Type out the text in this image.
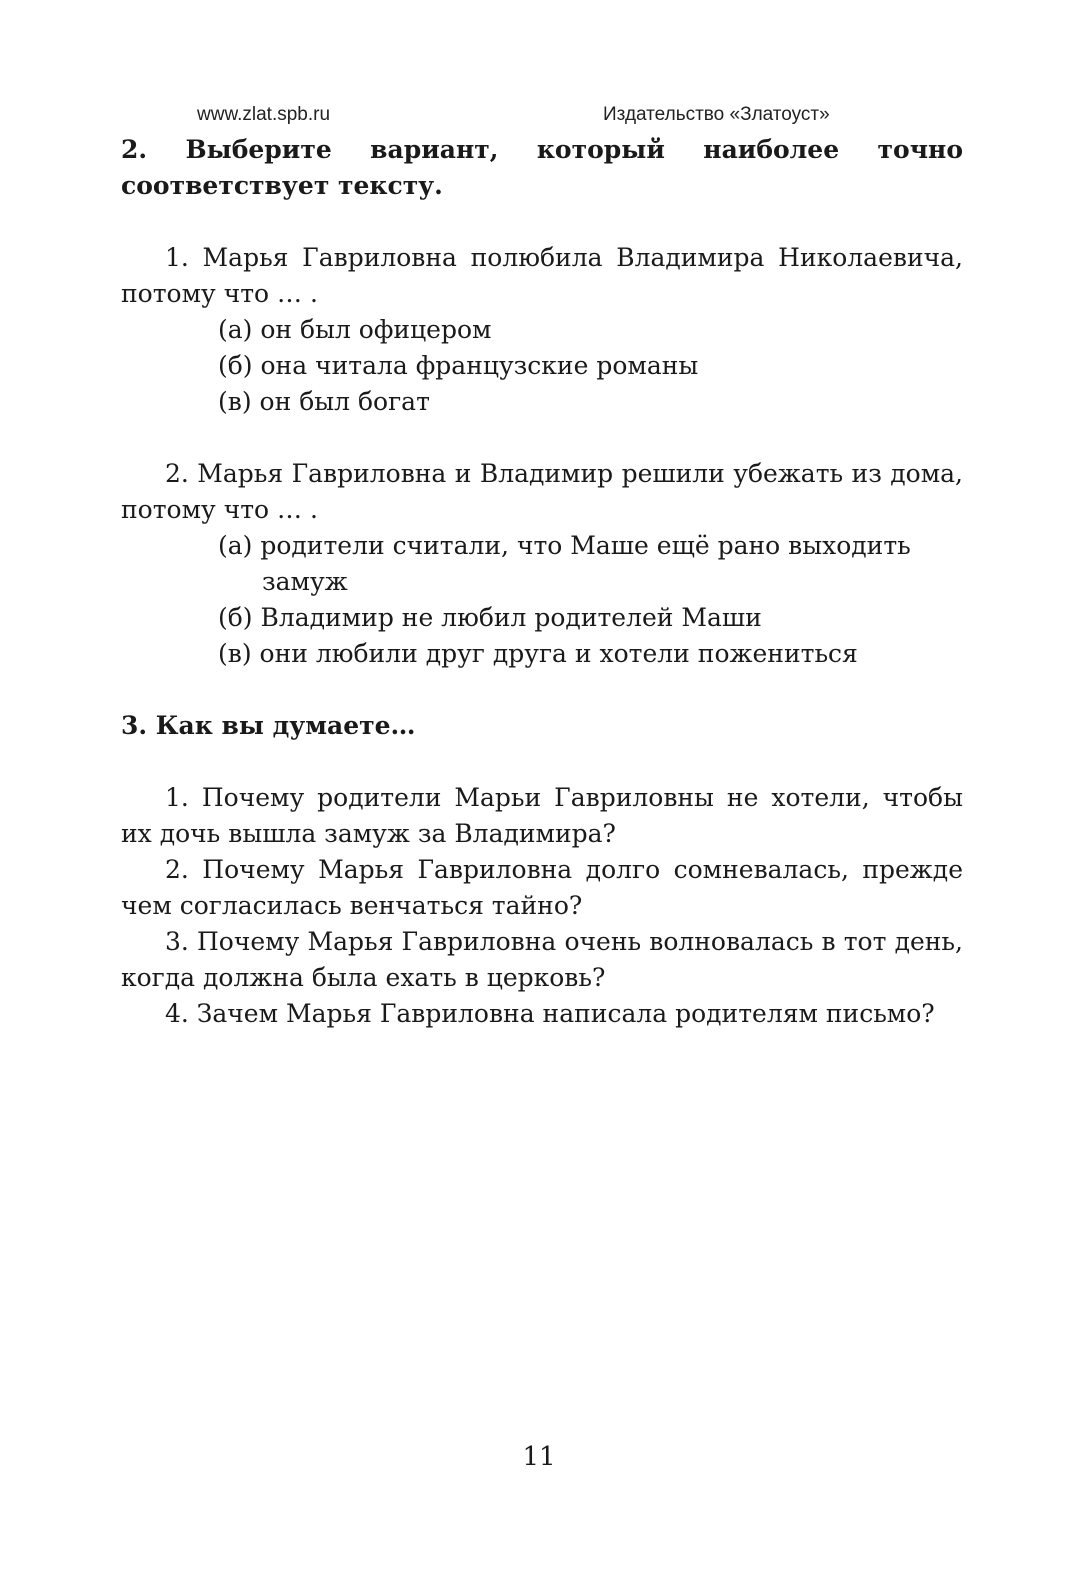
www.zlat.spb.ru	Издательство «Златоуст»

2. Выберите вариант, который наиболее точно соответствует тексту.

1. Марья Гавриловна полюбила Владимира Николаевича, потому что … .

(а) он был офицером
(б) она читала французские романы
(в) он был богат

2. Марья Гавриловна и Владимир решили убежать из дома, потому что … .

(а) родители считали, что Маше ещё рано выходить замуж
(б) Владимир не любил родителей Маши
(в) они любили друг друга и хотели пожениться

3. Как вы думаете…

1. Почему родители Марьи Гавриловны не хотели, чтобы их дочь вышла замуж за Владимира?

2. Почему Марья Гавриловна долго сомневалась, прежде чем согласилась венчаться тайно?

3. Почему Марья Гавриловна очень волновалась в тот день, когда должна была ехать в церковь?

4. Зачем Марья Гавриловна написала родителям письмо?

11
